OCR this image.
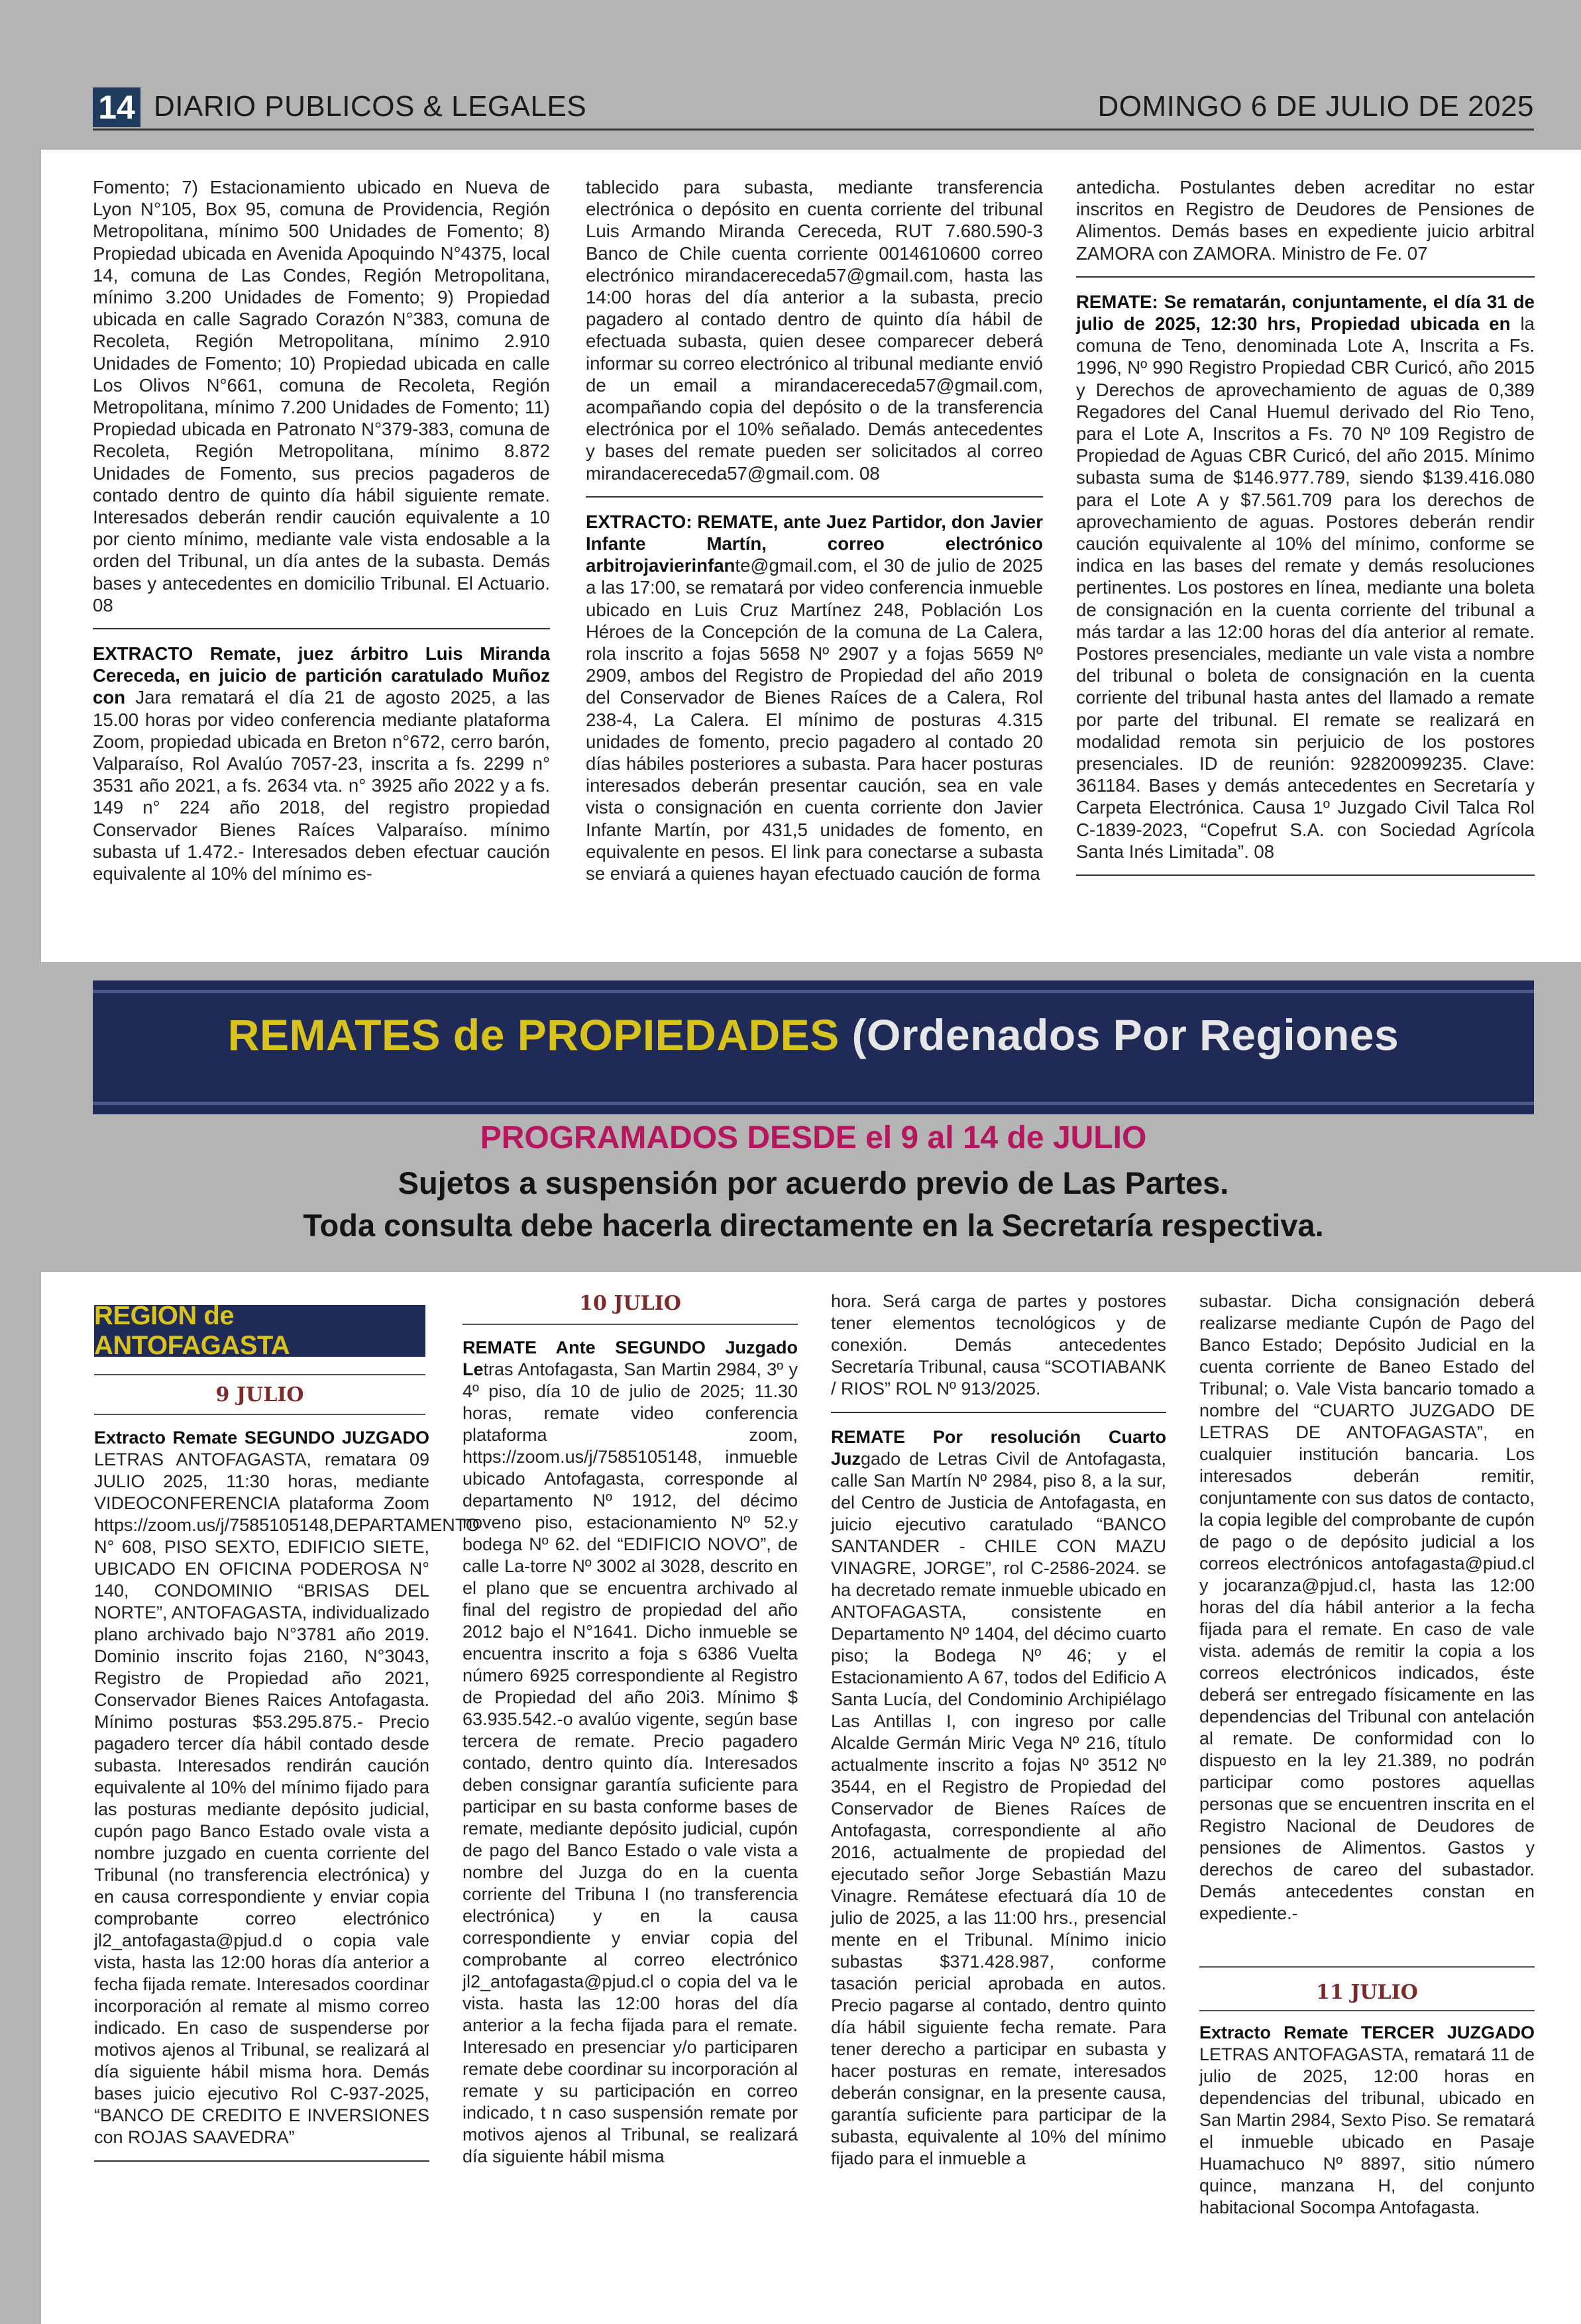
14 DIARIO PUBLICOS & LEGALES	DOMINGO 6 DE JULIO DE 2025

Fomento; 7) Estacionamiento ubicado en Nueva de Lyon N°105, Box 95, comuna de Providencia, Región Metropolitana, mínimo 500 Unidades de Fomento; 8) Propiedad ubicada en Avenida Apoquindo N°4375, local 14, comuna de Las Condes, Región Metropolitana, mínimo 3.200 Unidades de Fomento; 9) Propiedad ubicada en calle Sagrado Corazón N°383, comuna de Recoleta, Región Metropolitana, mínimo 2.910 Unidades de Fomento; 10) Propiedad ubicada en calle Los Olivos N°661, comuna de Recoleta, Región Metropolitana, mínimo 7.200 Unidades de Fomento; 11) Propiedad ubicada en Patronato N°379-383, comuna de Recoleta, Región Metropolitana, mínimo 8.872 Unidades de Fomento, sus precios pagaderos de contado dentro de quinto día hábil siguiente remate. Interesados deberán rendir caución equivalente a 10 por ciento mínimo, mediante vale vista endosable a la orden del Tribunal, un día antes de la subasta. Demás bases y antecedentes en domicilio Tribunal. El Actuario. 08

EXTRACTO Remate, juez árbitro Luis Miranda Cereceda, en juicio de partición caratulado Muñoz con Jara rematará el día 21 de agosto 2025, a las 15.00 horas por video conferencia mediante plataforma Zoom, propiedad ubicada en Breton n°672, cerro barón, Valparaíso, Rol Avalúo 7057-23, inscrita a fs. 2299 n° 3531 año 2021, a fs. 2634 vta. n° 3925 año 2022 y a fs. 149 n° 224 año 2018, del registro propiedad Conservador Bienes Raíces Valparaíso. mínimo subasta uf 1.472.- Interesados deben efectuar caución equivalente al 10% del mínimo es-

tablecido para subasta, mediante transferencia electrónica o depósito en cuenta corriente del tribunal Luis Armando Miranda Cereceda, RUT 7.680.590-3 Banco de Chile cuenta corriente 0014610600 correo electrónico mirandacereceda57@gmail.com, hasta las 14:00 horas del día anterior a la subasta, precio pagadero al contado dentro de quinto día hábil de efectuada subasta, quien desee comparecer deberá informar su correo electrónico al tribunal mediante envió de un email a mirandacereceda57@gmail.com, acompañando copia del depósito o de la transferencia electrónica por el 10% señalado. Demás antecedentes y bases del remate pueden ser solicitados al correo mirandacereceda57@gmail.com. 08

EXTRACTO: REMATE, ante Juez Partidor, don Javier Infante Martín, correo electrónico arbitrojavierinfante@gmail.com, el 30 de julio de 2025 a las 17:00, se rematará por video conferencia inmueble ubicado en Luis Cruz Martínez 248, Población Los Héroes de la Concepción de la comuna de La Calera, rola inscrito a fojas 5658 Nº 2907 y a fojas 5659 Nº 2909, ambos del Registro de Propiedad del año 2019 del Conservador de Bienes Raíces de a Calera, Rol 238-4, La Calera. El mínimo de posturas 4.315 unidades de fomento, precio pagadero al contado 20 días hábiles posteriores a subasta. Para hacer posturas interesados deberán presentar caución, sea en vale vista o consignación en cuenta corriente don Javier Infante Martín, por 431,5 unidades de fomento, en equivalente en pesos. El link para conectarse a subasta se enviará a quienes hayan efectuado caución de forma

antedicha. Postulantes deben acreditar no estar inscritos en Registro de Deudores de Pensiones de Alimentos. Demás bases en expediente juicio arbitral ZAMORA con ZAMORA. Ministro de Fe. 07

REMATE: Se rematarán, conjuntamente, el día 31 de julio de 2025, 12:30 hrs, Propiedad ubicada en la comuna de Teno, denominada Lote A, Inscrita a Fs. 1996, Nº 990 Registro Propiedad CBR Curicó, año 2015 y Derechos de aprovechamiento de aguas de 0,389 Regadores del Canal Huemul derivado del Rio Teno, para el Lote A, Inscritos a Fs. 70 Nº 109 Registro de Propiedad de Aguas CBR Curicó, del año 2015. Mínimo subasta suma de $146.977.789, siendo $139.416.080 para el Lote A y $7.561.709 para los derechos de aprovechamiento de aguas. Postores deberán rendir caución equivalente al 10% del mínimo, conforme se indica en las bases del remate y demás resoluciones pertinentes. Los postores en línea, mediante una boleta de consignación en la cuenta corriente del tribunal a más tardar a las 12:00 horas del día anterior al remate. Postores presenciales, mediante un vale vista a nombre del tribunal o boleta de consignación en la cuenta corriente del tribunal hasta antes del llamado a remate por parte del tribunal. El remate se realizará en modalidad remota sin perjuicio de los postores presenciales. ID de reunión: 92820099235. Clave: 361184. Bases y demás antecedentes en Secretaría y Carpeta Electrónica. Causa 1º Juzgado Civil Talca Rol C-1839-2023, “Copefrut S.A. con Sociedad Agrícola Santa Inés Limitada”. 08

REMATES de PROPIEDADES (Ordenados Por Regiones
PROGRAMADOS DESDE el 9 al 14 de JULIO
Sujetos a suspensión por acuerdo previo de Las Partes.
Toda consulta debe hacerla directamente en la Secretaría respectiva.
REGION de ANTOFAGASTA
9 JULIO
10 JULIO

Extracto Remate SEGUNDO JUZGADO LETRAS ANTOFAGASTA, rematara 09 JULIO 2025, 11:30 horas, mediante VIDEOCONFERENCIA plataforma Zoom https://zoom.us/j/7585105148,DEPARTAMENTO N° 608, PISO SEXTO, EDIFICIO SIETE, UBICADO EN OFICINA PODEROSA N° 140, CONDOMINIO “BRISAS DEL NORTE”, ANTOFAGASTA, individualizado plano archivado bajo N°3781 año 2019. Dominio inscrito fojas 2160, N°3043, Registro de Propiedad año 2021, Conservador Bienes Raices Antofagasta. Mínimo posturas $53.295.875.- Precio pagadero tercer día hábil contado desde subasta. Interesados rendirán caución equivalente al 10% del mínimo fijado para las posturas mediante depósito judicial, cupón pago Banco Estado ovale vista a nombre juzgado en cuenta corriente del Tribunal (no transferencia electrónica) y en causa correspondiente y enviar copia comprobante correo electrónico jl2_antofagasta@pjud.d o copia vale vista, hasta las 12:00 horas día anterior a fecha fijada remate. Interesados coordinar incorporación al remate al mismo correo indicado. En caso de suspenderse por motivos ajenos al Tribunal, se realizará al día siguiente hábil misma hora. Demás bases juicio ejecutivo Rol C-937-2025, “BANCO DE CREDITO E INVERSIONES con ROJAS SAAVEDRA”

REMATE Ante SEGUNDO Juzgado Letras Antofagasta, San Martin 2984, 3º y 4º piso, día 10 de julio de 2025; 11.30 horas, remate video conferencia plataforma zoom, https://zoom.us/j/7585105148, inmueble ubicado Antofagasta, corresponde al departamento Nº 1912, del décimo noveno piso, estacionamiento Nº 52.y bodega Nº 62. del “EDIFICIO NOVO”, de calle La-torre Nº 3002 al 3028, descrito en el plano que se encuentra archivado al final del registro de propiedad del año 2012 bajo el N°1641. Dicho inmueble se encuentra inscrito a foja s 6386 Vuelta número 6925 correspondiente al Registro de Propiedad del año 20i3. Mínimo $ 63.935.542.-o avalúo vigente, según base tercera de remate. Precio pagadero contado, dentro quinto día. Interesados deben consignar garantía suficiente para participar en su basta conforme bases de remate, mediante depósito judicial, cupón de pago del Banco Estado o vale vista a nombre del Juzga do en la cuenta corriente del Tribuna I (no transferencia electrónica) y en la causa correspondiente y enviar copia del comprobante al correo electrónico jl2_antofagasta@pjud.cl o copia del va le vista. hasta las 12:00 horas del día anterior a la fecha fijada para el remate. Interesado en presenciar y/o participaren remate debe coordinar su incorporación al remate y su participación en correo indicado, t n caso suspensión remate por motivos ajenos al Tribunal, se realizará día siguiente hábil misma

hora. Será carga de partes y postores tener elementos tecnológicos y de conexión. Demás antecedentes Secretaría Tribunal, causa “SCOTIABANK / RIOS” ROL Nº 913/2025.

REMATE Por resolución Cuarto Juzgado de Letras Civil de Antofagasta, calle San Martín Nº 2984, piso 8, a la sur, del Centro de Justicia de Antofagasta, en juicio ejecutivo caratulado “BANCO SANTANDER - CHILE CON MAZU VINAGRE, JORGE”, rol C-2586-2024. se ha decretado remate inmueble ubicado en ANTOFAGASTA, consistente en Departamento Nº 1404, del décimo cuarto piso; la Bodega Nº 46; y el Estacionamiento A 67, todos del Edificio A Santa Lucía, del Condominio Archipiélago Las Antillas I, con ingreso por calle Alcalde Germán Miric Vega Nº 216, título actualmente inscrito a fojas Nº 3512 Nº 3544, en el Registro de Propiedad del Conservador de Bienes Raíces de Antofagasta, correspondiente al año 2016, actualmente de propiedad del ejecutado señor Jorge Sebastián Mazu Vinagre. Remátese efectuará día 10 de julio de 2025, a las 11:00 hrs., presencial mente en el Tribunal. Mínimo inicio subastas $371.428.987, conforme tasación pericial aprobada en autos. Precio pagarse al contado, dentro quinto día hábil siguiente fecha remate. Para tener derecho a participar en subasta y hacer posturas en remate, interesados deberán consignar, en la presente causa, garantía suficiente para participar de la subasta, equivalente al 10% del mínimo fijado para el inmueble a

subastar. Dicha consignación deberá realizarse mediante Cupón de Pago del Banco Estado; Depósito Judicial en la cuenta corriente de Baneo Estado del Tribunal; o. Vale Vista bancario tomado a nombre del “CUARTO JUZGADO DE LETRAS DE ANTOFAGASTA”, en cualquier institución bancaria. Los interesados deberán remitir, conjuntamente con sus datos de contacto, la copia legible del comprobante de cupón de pago o de depósito judicial a los correos electrónicos antofagasta@piud.cl y jocaranza@pjud.cl, hasta las 12:00 horas del día hábil anterior a la fecha fijada para el remate. En caso de vale vista. además de remitir la copia a los correos electrónicos indicados, éste deberá ser entregado físicamente en las dependencias del Tribunal con antelación al remate. De conformidad con lo dispuesto en la ley 21.389, no podrán participar como postores aquellas personas que se encuentren inscrita en el Registro Nacional de Deudores de pensiones de Alimentos. Gastos y derechos de careo del subastador. Demás antecedentes constan en expediente.-

11 JULIO

Extracto Remate TERCER JUZGADO LETRAS ANTOFAGASTA, rematará 11 de julio de 2025, 12:00 horas en dependencias del tribunal, ubicado en San Martin 2984, Sexto Piso. Se rematará el inmueble ubicado en Pasaje Huamachuco Nº 8897, sitio número quince, manzana H, del conjunto habitacional Socompa Antofagasta.
